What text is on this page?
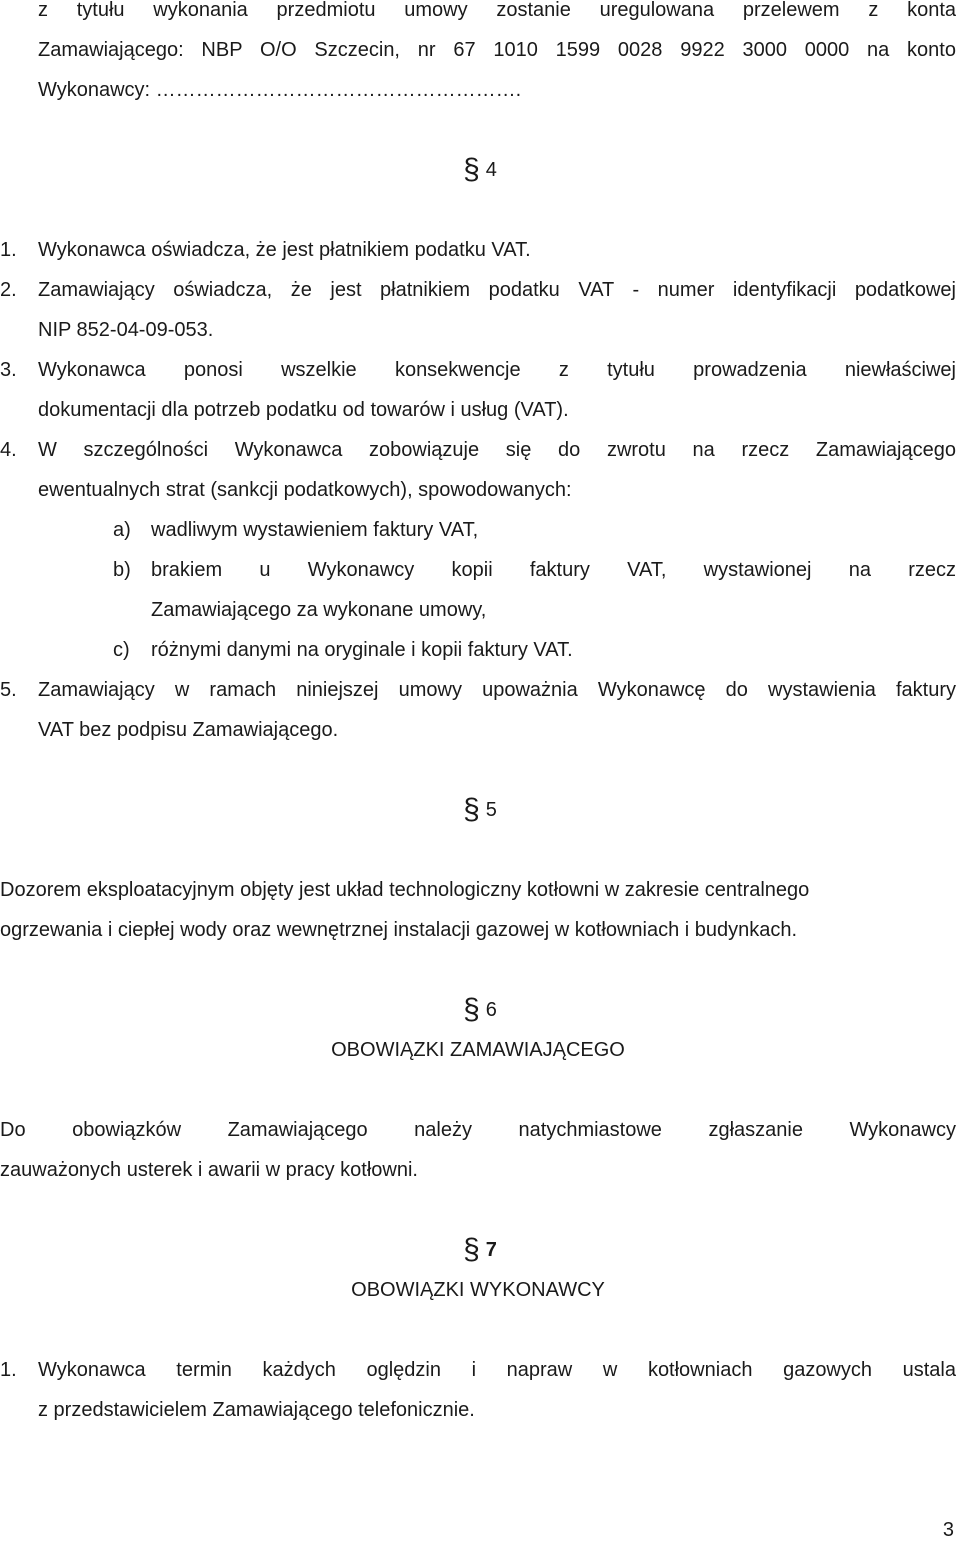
z tytułu wykonania przedmiotu umowy zostanie uregulowana przelewem z konta
Zamawiającego: NBP O/O Szczecin, nr 67 1010 1599 0028 9922 3000 0000 na konto
Wykonawcy: ……………………………………………….
§ 4
1. Wykonawca oświadcza, że jest płatnikiem podatku VAT.
2. Zamawiający oświadcza, że jest płatnikiem podatku VAT - numer identyfikacji podatkowej
NIP 852-04-09-053.
3. Wykonawca ponosi wszelkie konsekwencje z tytułu prowadzenia niewłaściwej
dokumentacji dla potrzeb podatku od towarów i usług (VAT).
4. W szczególności Wykonawca zobowiązuje się do zwrotu na rzecz Zamawiającego
ewentualnych strat (sankcji podatkowych), spowodowanych:
a) wadliwym wystawieniem faktury VAT,
b) brakiem u Wykonawcy kopii faktury VAT, wystawionej na rzecz
Zamawiającego za wykonane umowy,
c) różnymi danymi na oryginale i kopii faktury VAT.
5. Zamawiający w ramach niniejszej umowy upoważnia Wykonawcę do wystawienia faktury
VAT bez podpisu Zamawiającego.
§ 5
Dozorem eksploatacyjnym objęty jest układ technologiczny kotłowni w zakresie centralnego
ogrzewania i ciepłej wody oraz wewnętrznej instalacji gazowej w kotłowniach i budynkach.
§ 6
OBOWIĄZKI ZAMAWIAJĄCEGO
Do obowiązków Zamawiającego należy natychmiastowe zgłaszanie Wykonawcy
zauważonych usterek i awarii w pracy kotłowni.
§ 7
OBOWIĄZKI WYKONAWCY
1. Wykonawca termin każdych oględzin i napraw w kotłowniach gazowych ustala
z przedstawicielem Zamawiającego telefonicznie.
3
